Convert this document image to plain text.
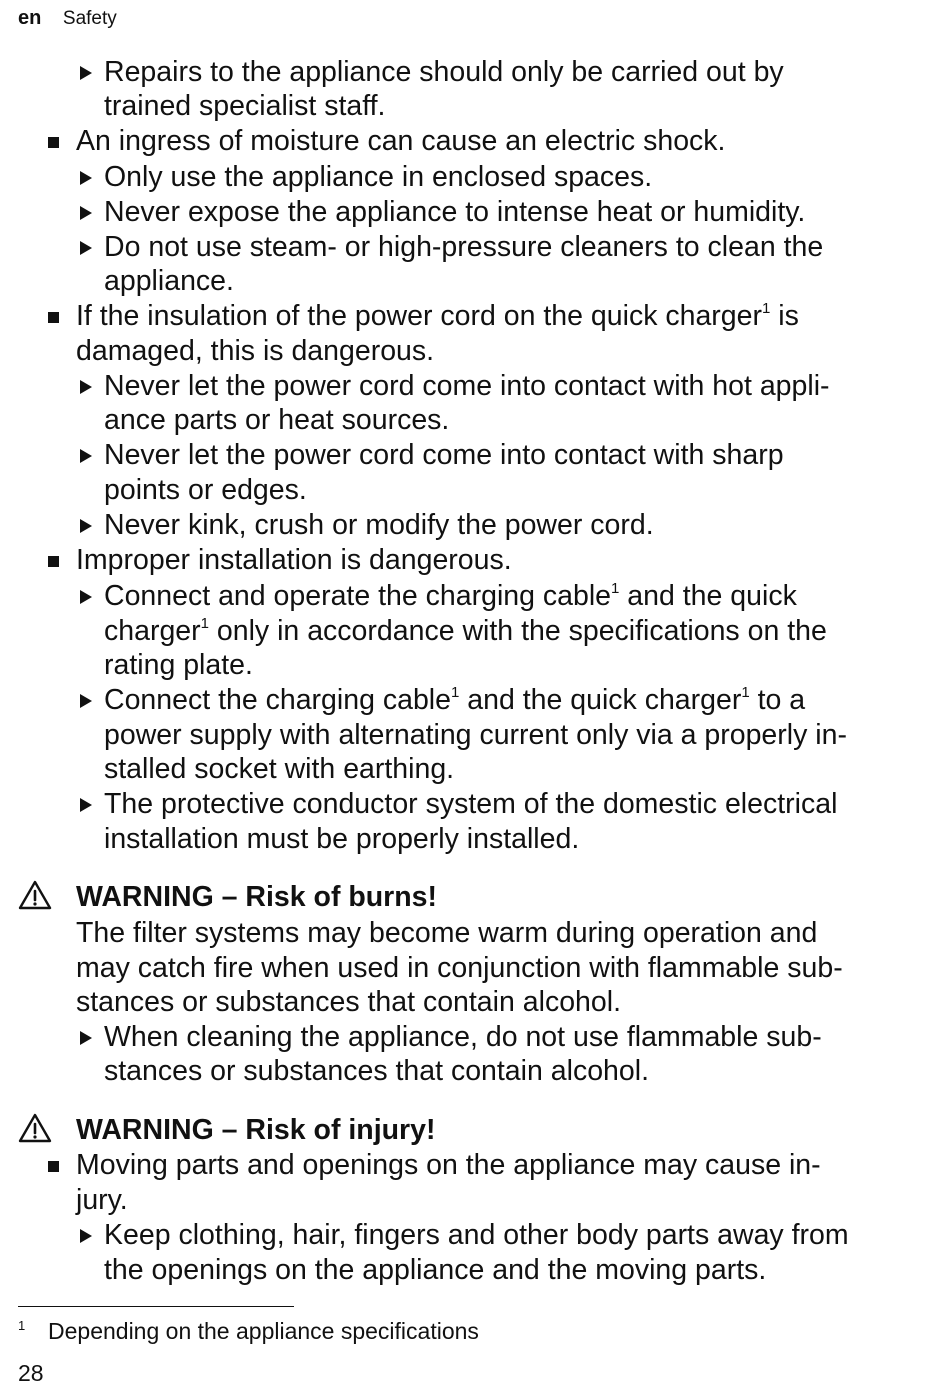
en Safety
Repairs to the appliance should only be carried out by
trained specialist staff.
An ingress of moisture can cause an electric shock.
Only use the appliance in enclosed spaces.
Never expose the appliance to intense heat or humidity.
Do not use steam- or high-pressure cleaners to clean the
appliance.
If the insulation of the power cord on the quick charger$^1$ is
damaged, this is dangerous.
Never let the power cord come into contact with hot appli-
ance parts or heat sources.
Never let the power cord come into contact with sharp
points or edges.
Never kink, crush or modify the power cord.
Improper installation is dangerous.
Connect and operate the charging cable$^1$ and the quick
charger$^1$ only in accordance with the specifications on the
rating plate.
Connect the charging cable$^1$ and the quick charger$^1$ to a
power supply with alternating current only via a properly in-
stalled socket with earthing.
The protective conductor system of the domestic electrical
installation must be properly installed.
WARNING – Risk of burns!
The filter systems may become warm during operation and
may catch fire when used in conjunction with flammable sub-
stances or substances that contain alcohol.
When cleaning the appliance, do not use flammable sub-
stances or substances that contain alcohol.
WARNING – Risk of injury!
Moving parts and openings on the appliance may cause in-
jury.
Keep clothing, hair, fingers and other body parts away from
the openings on the appliance and the moving parts.
1 Depending on the appliance specifications
28
